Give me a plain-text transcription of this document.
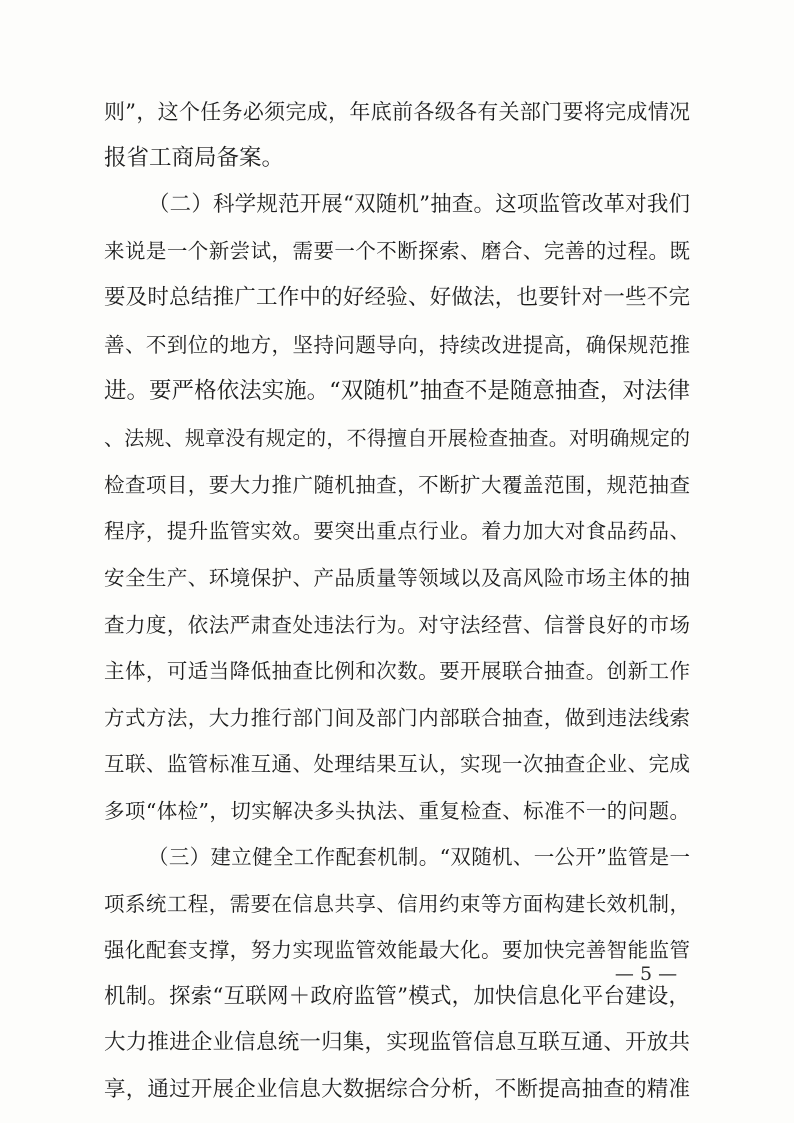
则”，这个任务必须完成，年底前各级各有关部门要将完成情况
报省工商局备案。
（二）科学规范开展“双随机”抽查。这项监管改革对我们
来说是一个新尝试，需要一个不断探索、磨合、完善的过程。既
要及时总结推广工作中的好经验、好做法，也要针对一些不完
善、不到位的地方，坚持问题导向，持续改进提高，确保规范推
进。要严格依法实施。“双随机”抽查不是随意抽查，对法律
、法规、规章没有规定的，不得擅自开展检查抽查。对明确规定的
检查项目，要大力推广随机抽查，不断扩大覆盖范围，规范抽查
程序，提升监管实效。要突出重点行业。着力加大对食品药品、
安全生产、环境保护、产品质量等领域以及高风险市场主体的抽
查力度，依法严肃查处违法行为。对守法经营、信誉良好的市场
主体，可适当降低抽查比例和次数。要开展联合抽查。创新工作
方式方法，大力推行部门间及部门内部联合抽查，做到违法线索
互联、监管标准互通、处理结果互认，实现一次抽查企业、完成
多项“体检”，切实解决多头执法、重复检查、标准不一的问题。
（三）建立健全工作配套机制。“双随机、一公开”监管是一
项系统工程，需要在信息共享、信用约束等方面构建长效机制，
强化配套支撑，努力实现监管效能最大化。要加快完善智能监管
机制。探索“互联网＋政府监管”模式，加快信息化平台建设，
大力推进企业信息统一归集，实现监管信息互联互通、开放共
享，通过开展企业信息大数据综合分析，不断提高抽查的精准
— 5 —
